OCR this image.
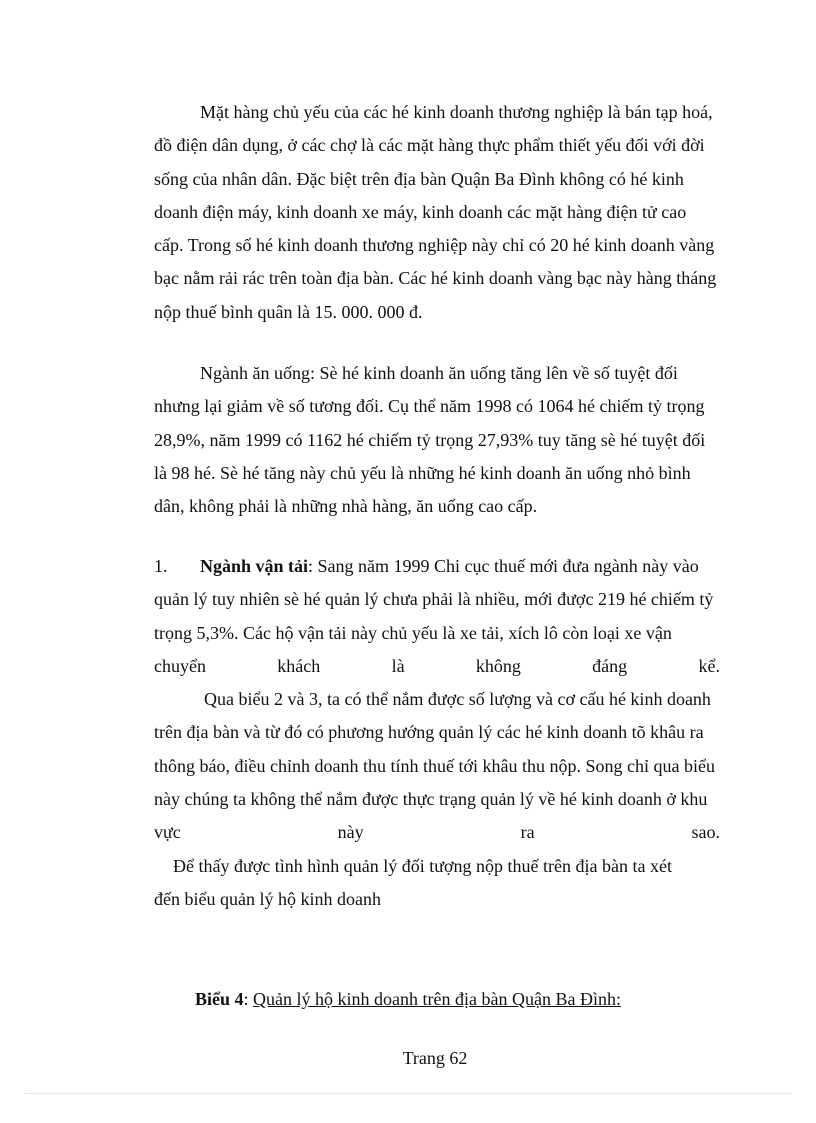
Mặt hàng chủ yếu của các hé kinh doanh thương nghiệp là bán tạp hoá,
đồ điện dân dụng, ở các chợ là các mặt hàng thực phẩm thiết yếu đối với đời
sống của nhân dân. Đặc biệt trên địa bàn Quận Ba Đình không có hé kinh
doanh điện máy, kinh doanh xe máy, kinh doanh các mặt hàng điện tử cao
cấp. Trong số hé kinh doanh thương nghiệp này chỉ có 20 hé kinh doanh vàng
bạc nằm rải rác trên toàn địa bàn. Các hé kinh doanh vàng bạc này hàng tháng
nộp thuế bình quân là 15. 000. 000 đ.
Ngành ăn uống: Sè hé kinh doanh ăn uống tăng lên về số tuyệt đối
nhưng lại giảm về số tương đối. Cụ thể năm 1998 có 1064 hé chiếm tỷ trọng
28,9%, năm 1999 có 1162 hé chiếm tỷ trọng 27,93% tuy tăng sè hé tuyệt đối
là 98 hé. Sè hé tăng này chủ yếu là những hé kinh doanh ăn uống nhỏ bình
dân, không phải là những nhà hàng, ăn uống cao cấp.
1. Ngành vận tải: Sang năm 1999 Chi cục thuế mới đưa ngành này vào
quản lý tuy nhiên sè hé quản lý chưa phải là nhiều, mới được 219 hé chiếm tỷ
trọng 5,3%. Các hộ vận tải này chủ yếu là xe tải, xích lô còn loại xe vận
chuyển	khách	là	không	đáng	kể.
Qua biểu 2 và 3, ta có thể nắm được số lượng và cơ cấu hé kinh doanh
trên địa bàn và từ đó có phương hướng quản lý các hé kinh doanh tõ khâu ra
thông báo, điều chỉnh doanh thu tính thuế tới khâu thu nộp. Song chỉ qua biểu
này chúng ta không thể nắm được thực trạng quản lý về hé kinh doanh ở khu
vực	này	ra	sao.
Để thấy được tình hình quản lý đối tượng nộp thuế trên địa bàn ta xét
đến biểu quản lý hộ kinh doanh
Biểu 4: Quản lý hộ kinh doanh trên địa bàn Quận Ba Đình:
Trang 62
